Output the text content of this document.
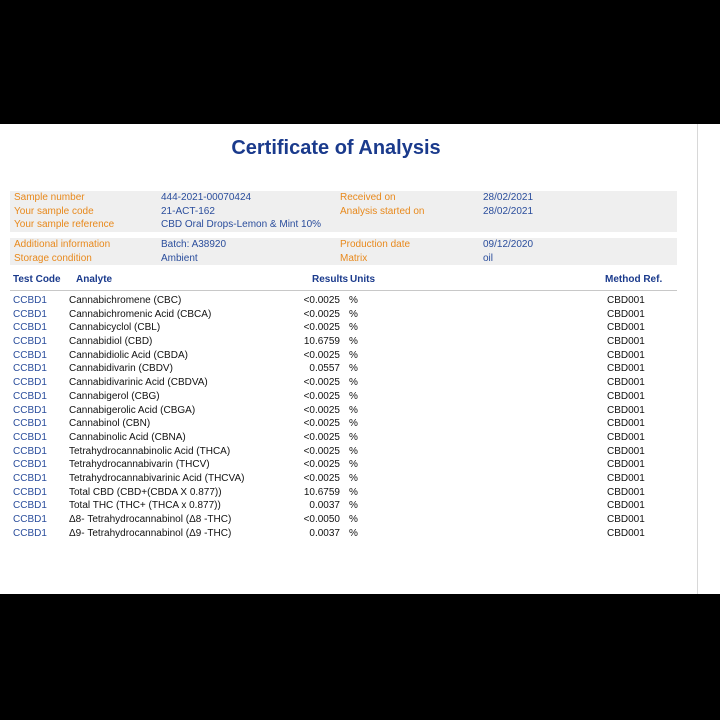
Certificate of Analysis
Sample number	444-2021-00070424	Received on	28/02/2021
Your sample code	21-ACT-162	Analysis started on	28/02/2021
Your sample reference	CBD Oral Drops-Lemon & Mint 10%
Additional information	Batch: A38920	Production date	09/12/2020
Storage condition	Ambient	Matrix	oil
Test Code Analyte	Results Units	Method Ref.
CCBD1 Cannabichromene (CBC)	<0.0025 %	CBD001
CCBD1 Cannabichromenic Acid (CBCA)	<0.0025 %	CBD001
CCBD1 Cannabicyclol (CBL)	<0.0025 %	CBD001
CCBD1 Cannabidiol (CBD)	10.6759 %	CBD001
CCBD1 Cannabidiolic Acid (CBDA)	<0.0025 %	CBD001
CCBD1 Cannabidivarin (CBDV)	0.0557 %	CBD001
CCBD1 Cannabidivarinic Acid (CBDVA)	<0.0025 %	CBD001
CCBD1 Cannabigerol (CBG)	<0.0025 %	CBD001
CCBD1 Cannabigerolic Acid (CBGA)	<0.0025 %	CBD001
CCBD1 Cannabinol (CBN)	<0.0025 %	CBD001
CCBD1 Cannabinolic Acid (CBNA)	<0.0025 %	CBD001
CCBD1 Tetrahydrocannabinolic Acid (THCA)	<0.0025 %	CBD001
CCBD1 Tetrahydrocannabivarin (THCV)	<0.0025 %	CBD001
CCBD1 Tetrahydrocannabivarinic Acid (THCVA)	<0.0025 %	CBD001
CCBD1 Total CBD (CBD+(CBDA X 0.877))	10.6759 %	CBD001
CCBD1 Total THC (THC+ (THCA x 0.877))	0.0037 %	CBD001
CCBD1 Δ8- Tetrahydrocannabinol (Δ8 -THC)	<0.0050 %	CBD001
CCBD1 Δ9- Tetrahydrocannabinol (Δ9 -THC)	0.0037 %	CBD001
